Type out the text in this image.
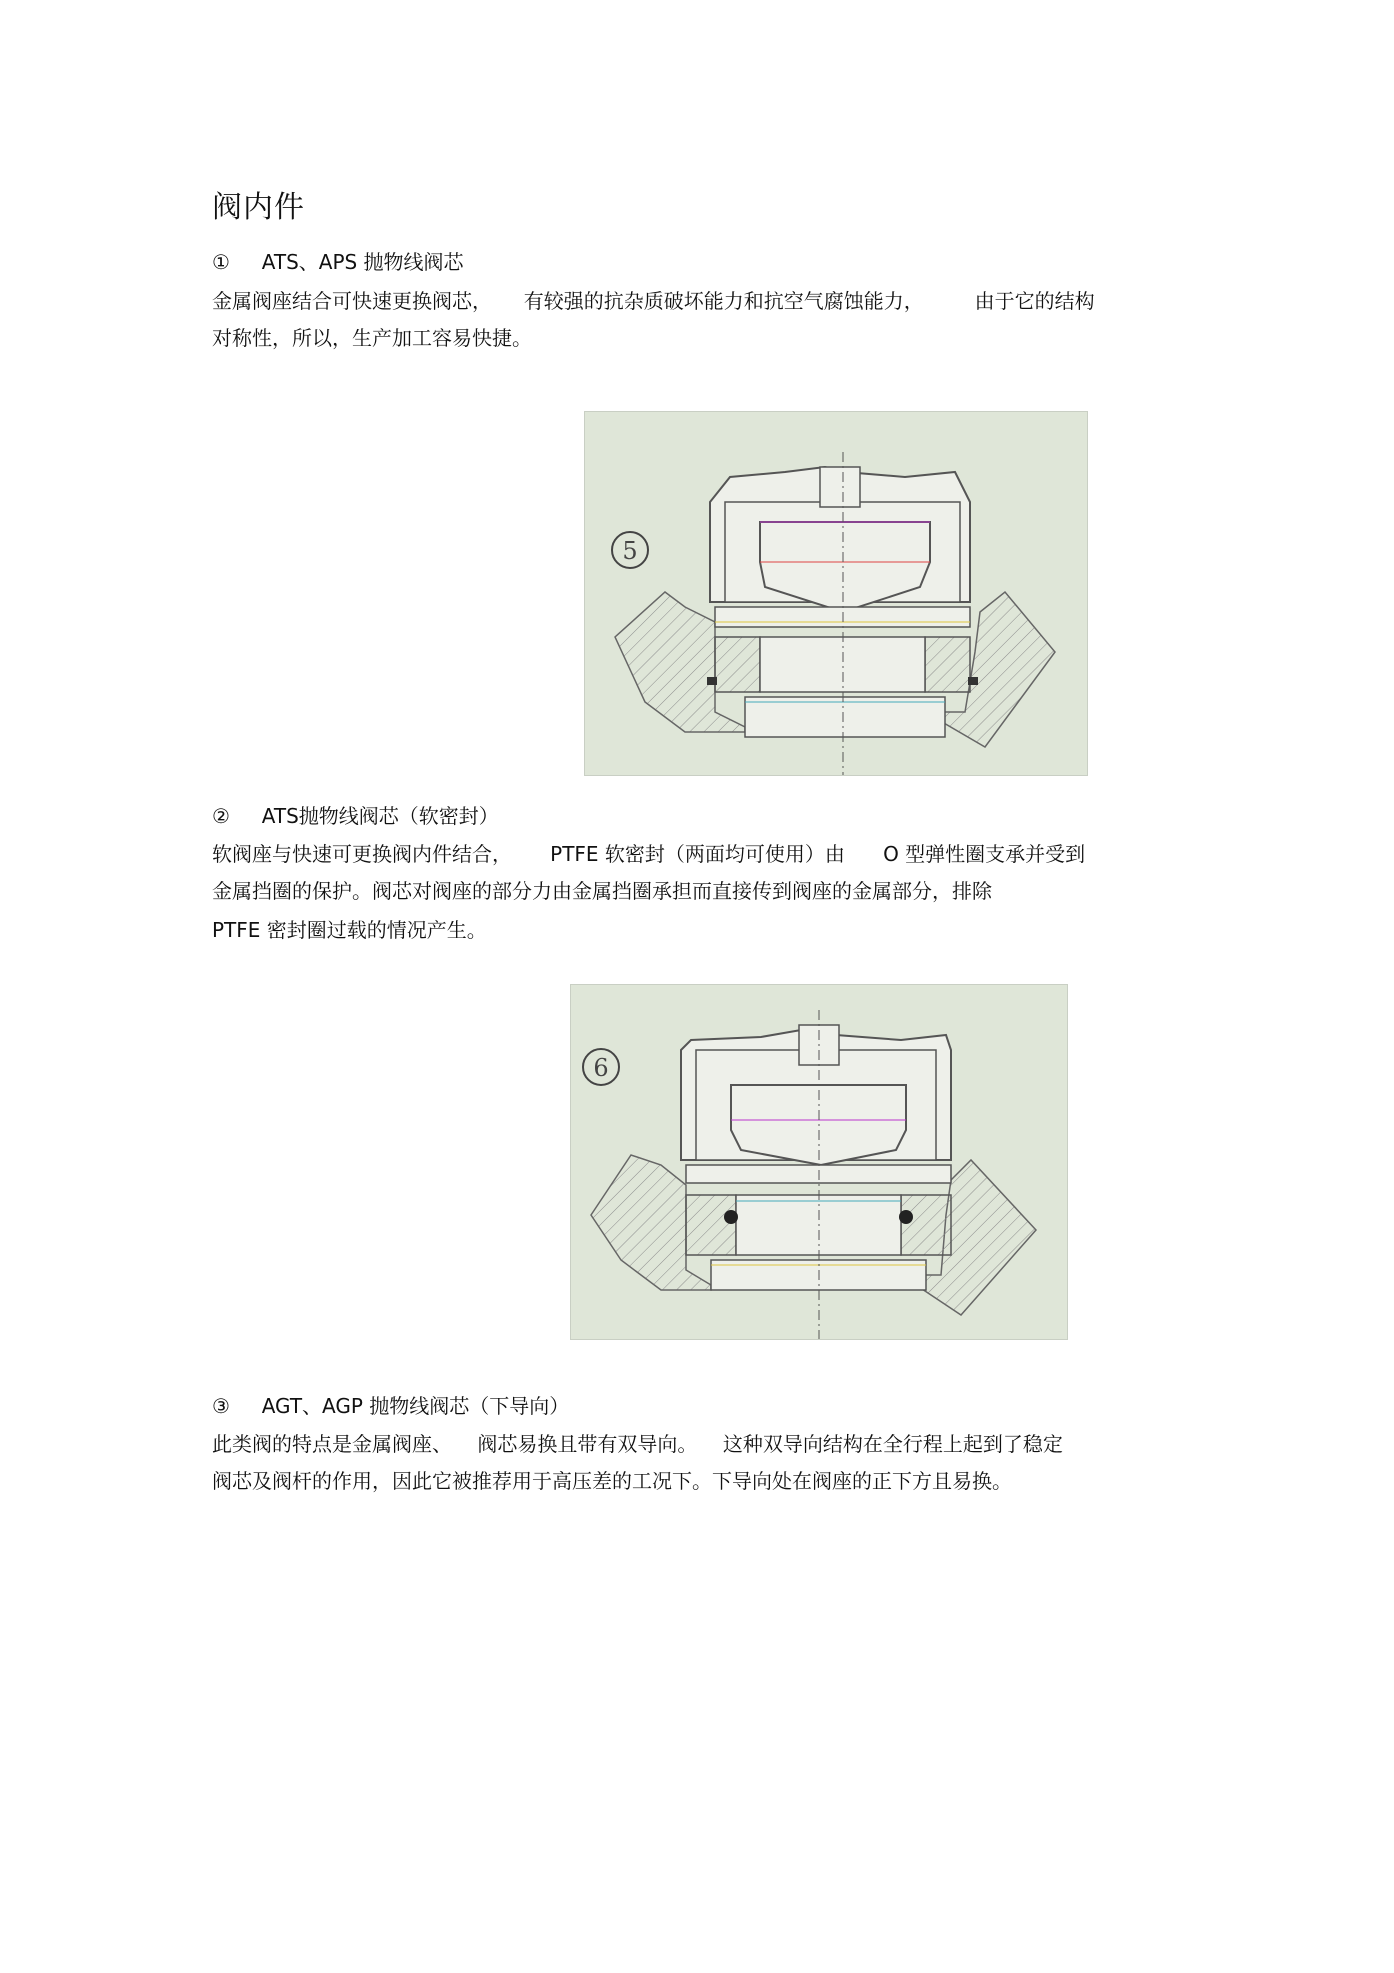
阀内件
①     ATS、APS 抛物线阀芯
金属阀座结合可快速更换阀芯，     有较强的抗杂质破坏能力和抗空气腐蚀能力，        由于它的结构
对称性，所以，生产加工容易快捷。
5
②     ATS抛物线阀芯（软密封）
软阀座与快速可更换阀内件结合，      PTFE 软密封（两面均可使用）由      O 型弹性圈支承并受到
金属挡圈的保护。阀芯对阀座的部分力由金属挡圈承担而直接传到阀座的金属部分，排除
PTFE 密封圈过载的情况产生。
6
③     AGT、AGP 抛物线阀芯（下导向）
此类阀的特点是金属阀座、    阀芯易换且带有双导向。    这种双导向结构在全行程上起到了稳定
阀芯及阀杆的作用，因此它被推荐用于高压差的工况下。下导向处在阀座的正下方且易换。
